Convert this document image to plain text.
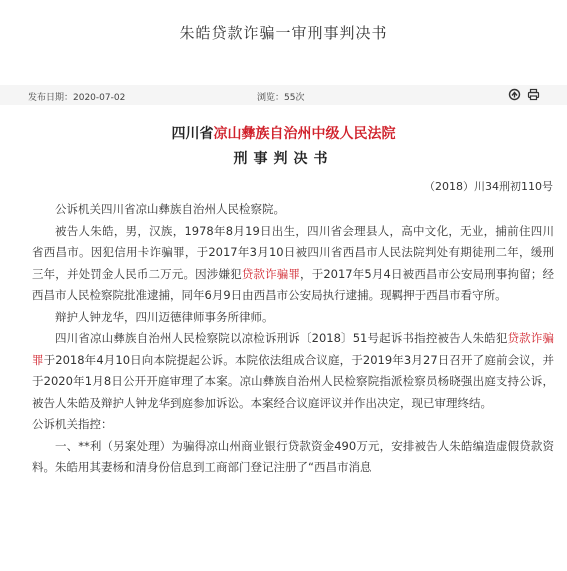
朱皓贷款诈骗一审刑事判决书
发布日期：2020-07-02	浏览：55次
四川省凉山彝族自治州中级人民法院
刑事判决书
（2018）川34刑初110号

公诉机关四川省凉山彝族自治州人民检察院。

被告人朱皓，男，汉族，1978年8月19日出生，四川省会理县人，高中文化，无业，捕前住四川省西昌市。因犯信用卡诈骗罪，于2017年3月10日被四川省西昌市人民法院判处有期徒刑二年，缓刑三年，并处罚金人民币二万元。因涉嫌犯贷款诈骗罪，于2017年5月4日被西昌市公安局刑事拘留；经西昌市人民检察院批准逮捕，同年6月9日由西昌市公安局执行逮捕。现羁押于西昌市看守所。

辩护人钟龙华，四川迈德律师事务所律师。

四川省凉山彝族自治州人民检察院以凉检诉刑诉〔2018〕51号起诉书指控被告人朱皓犯贷款诈骗罪于2018年4月10日向本院提起公诉。本院依法组成合议庭，于2019年3月27日召开了庭前会议，并于2020年1月8日公开开庭审理了本案。凉山彝族自治州人民检察院指派检察员杨晓强出庭支持公诉，被告人朱皓及辩护人钟龙华到庭参加诉讼。本案经合议庭评议并作出决定，现已审理终结。

公诉机关指控：

一、**利（另案处理）为骗得凉山州商业银行贷款资金490万元，安排被告人朱皓编造虚假贷款资料。朱皓用其妻杨和清身份信息到工商部门登记注册了“西昌市消息
